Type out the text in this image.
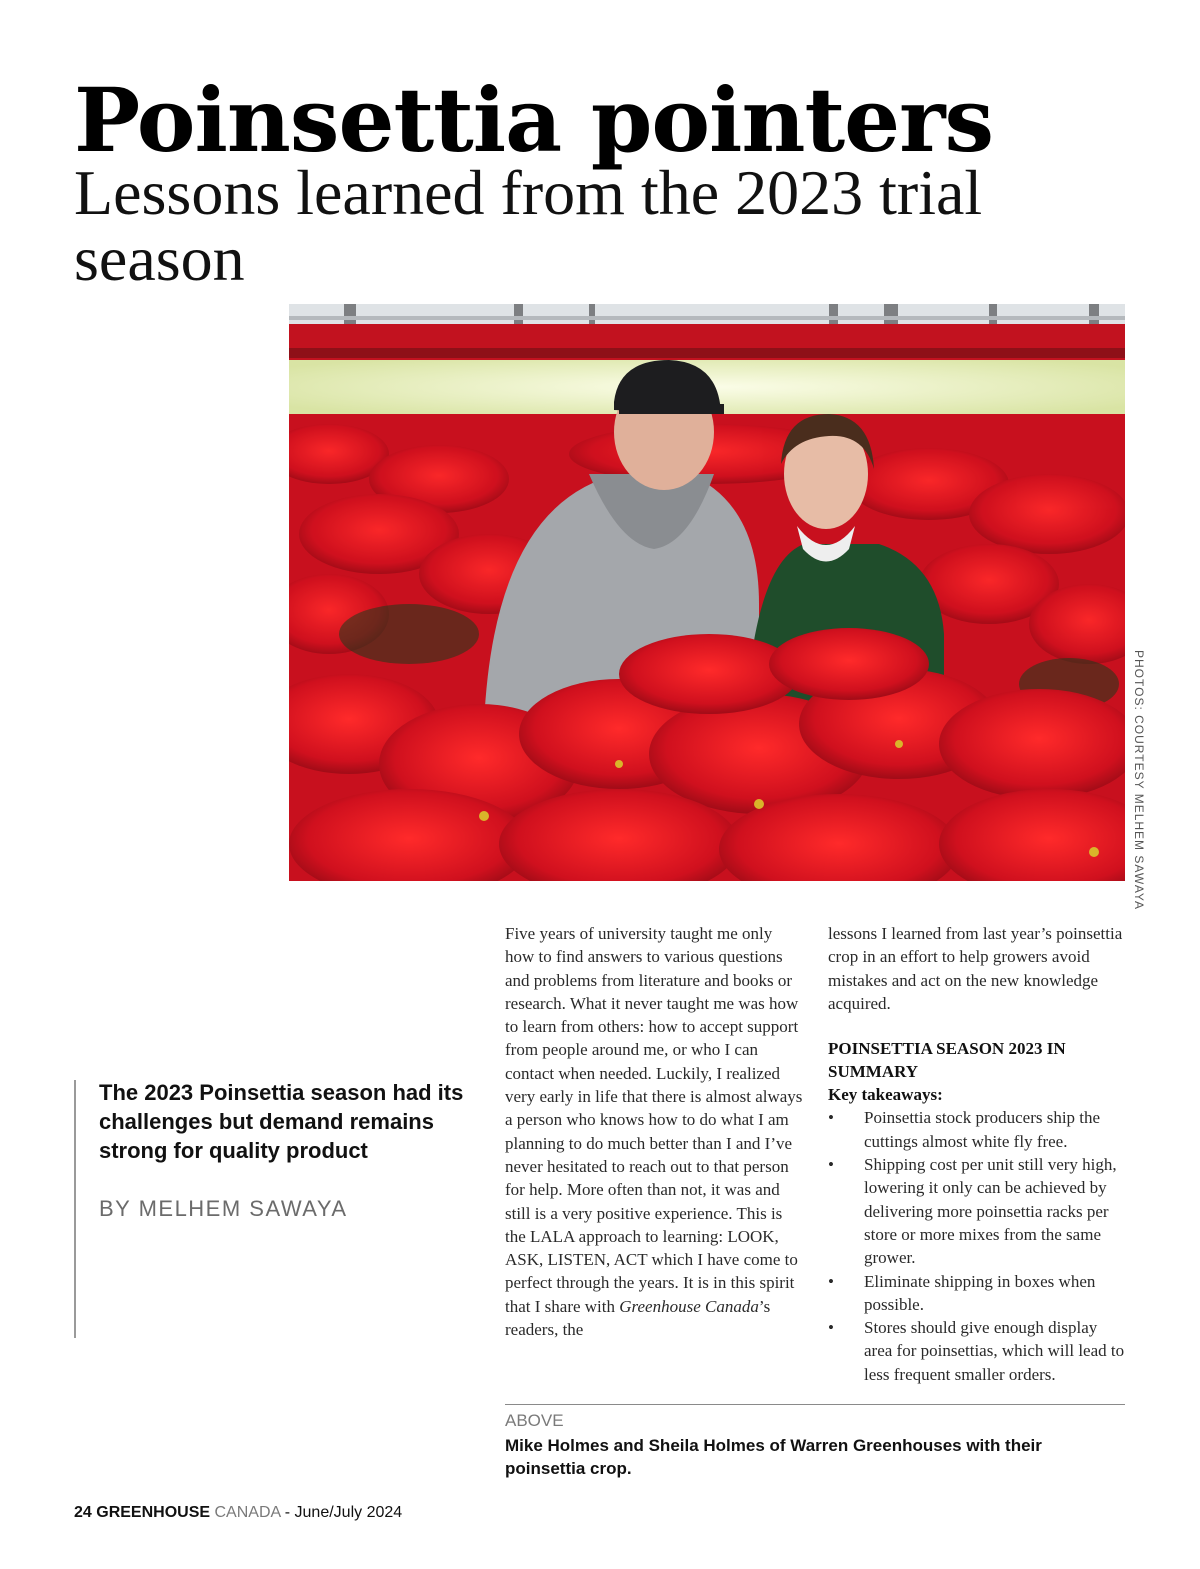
Poinsettia pointers
Lessons learned from the 2023 trial season
PHOTOS: COURTESY MELHEM SAWAYA

The 2023 Poinsettia season had its challenges but demand remains strong for quality product

BY MELHEM SAWAYA

Five years of university taught me only how to find answers to various questions and problems from literature and books or research. What it never taught me was how to learn from others: how to accept support from people around me, or who I can contact when needed. Luckily, I realized very early in life that there is almost always a person who knows how to do what I am planning to do much better than I and I’ve never hesitated to reach out to that person for help. More often than not, it was and still is a very positive experience. This is the LALA approach to learning: LOOK, ASK, LISTEN, ACT which I have come to perfect through the years. It is in this spirit that I share with Greenhouse Canada’s readers, the

lessons I learned from last year’s poinsettia crop in an effort to help growers avoid mistakes and act on the new knowledge acquired.

POINSETTIA SEASON 2023 IN SUMMARY

Key takeaways:

• Poinsettia stock producers ship the cuttings almost white fly free.
• Shipping cost per unit still very high, lowering it only can be achieved by delivering more poinsettia racks per store or more mixes from the same grower.
• Eliminate shipping in boxes when possible.
• Stores should give enough display area for poinsettias, which will lead to less frequent smaller orders.
ABOVE

Mike Holmes and Sheila Holmes of Warren Greenhouses with their poinsettia crop.

24 GREENHOUSE CANADA - June/July 2024
